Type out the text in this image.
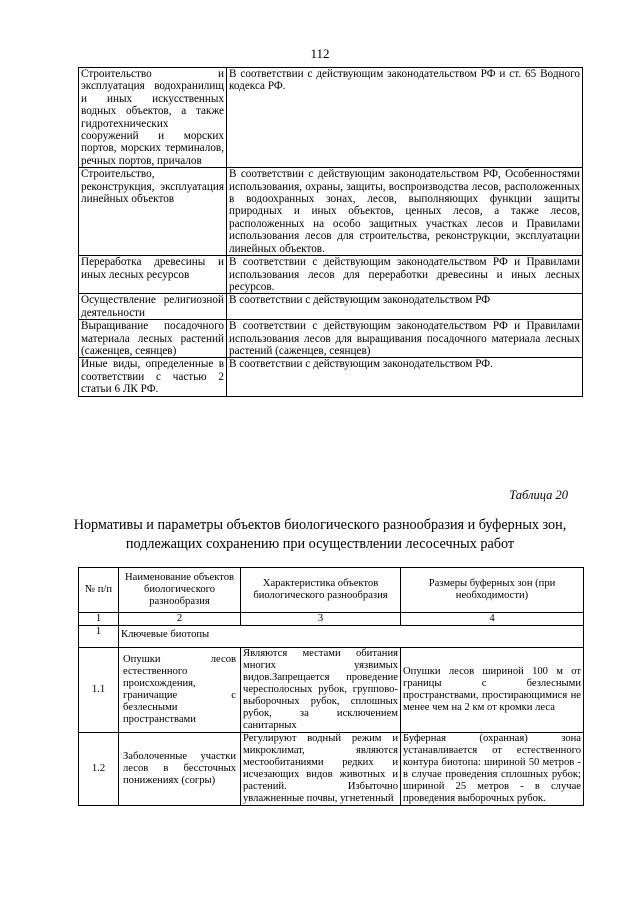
112
Строительство и эксплуатация водохранилищ и иных искусственных водных объектов, а также гидротехнических сооружений и морских портов, морских терминалов, речных портов, причалов	В соответствии с действующим законодательством РФ и ст. 65 Водного кодекса РФ.
Строительство, реконструкция, эксплуатация линейных объектов	В соответствии с действующим законодательством РФ, Особенностями использования, охраны, защиты, воспроизводства лесов, расположенных в водоохранных зонах, лесов, выполняющих функции защиты природных и иных объектов, ценных лесов, а также лесов, расположенных на особо защитных участках лесов и Правилами использования лесов для строительства, реконструкции, эксплуатации линейных объектов.
Переработка древесины и иных лесных ресурсов	В соответствии с действующим законодательством РФ и Правилами использования лесов для переработки древесины и иных лесных ресурсов.
Осуществление религиозной деятельности	В соответствии с действующим законодательством РФ
Выращивание посадочного материала лесных растений (саженцев, сеянцев)	В соответствии с действующим законодательством РФ и Правилами использования лесов для выращивания посадочного материала лесных растений (саженцев, сеянцев)
Иные виды, определенные в соответствии с частью 2 статьи 6 ЛК РФ.	В соответствии с действующим законодательством РФ.
Таблица 20
Нормативы и параметры объектов биологического разнообразия и буферных зон, подлежащих сохранению при осуществлении лесосечных работ
№ п/п	Наименование объектов биологического разнообразия	Характеристика объектов биологического разнообразия	Размеры буферных зон (при необходимости)
1	2	3	4
1	Ключевые биотопы		
1.1	Опушки лесов естественного происхождения, граничащие с безлесными пространствами	Являются местами обитания многих уязвимых видов.Запрещается проведение чересполосных рубок, группово-выборочных рубок, сплошных рубок, за исключением санитарных	Опушки лесов шириной 100 м от границы с безлесными пространствами, простирающимися не менее чем на 2 км от кромки леса
1.2	Заболоченные участки лесов в бессточных понижениях (согры)	Регулируют водный режим и микроклимат, являются местообитаниями редких и исчезающих видов животных и растений. Избыточно увлажненные почвы, угнетенный	Буферная (охранная) зона устанавливается от естественного контура биотопа: шириной 50 метров - в случае проведения сплошных рубок; шириной 25 метров - в случае проведения выборочных рубок.
